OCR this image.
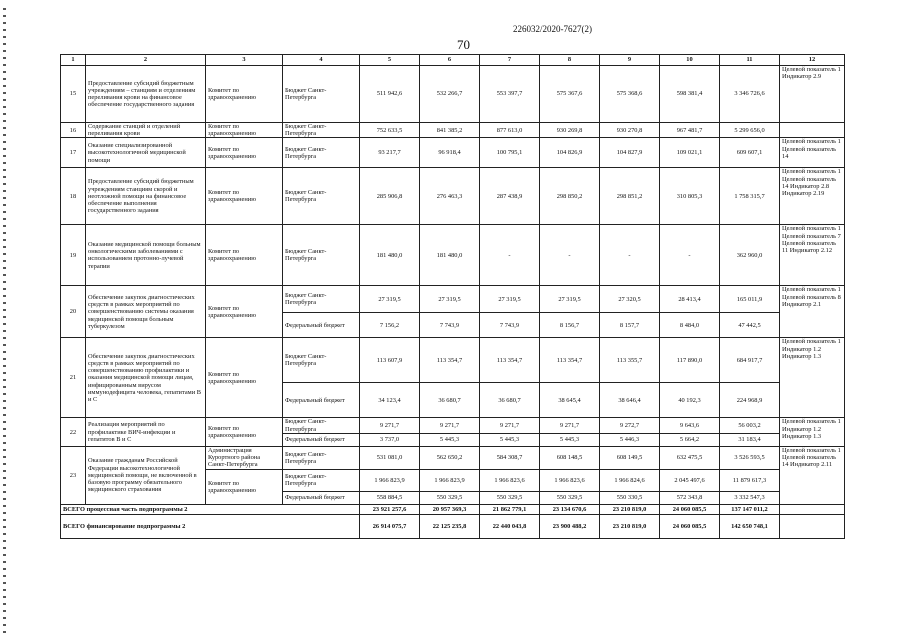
226032/2020-7627(2)
70
1	2	3	4	5	6	7	8	9	10	11	12
15	Предоставление субсидий бюджетным учреждениям – станциям и отделениям переливания крови на финансовое обеспечение государственного задания	Комитет по здравоохранению	Бюджет Санкт-Петербурга	511 942,6	532 266,7	553 397,7	575 367,6	575 368,6	598 381,4	3 346 726,6	Целевой показатель 1 Индикатор 2.9
16	Содержание станций и отделений переливания крови	Комитет по здравоохранению	Бюджет Санкт-Петербурга	752 633,5	841 385,2	877 613,0	930 269,8	930 270,8	967 481,7	5 299 656,0	
17	Оказание специализированной высокотехнологичной медицинской помощи	Комитет по здравоохранению	Бюджет Санкт-Петербурга	93 217,7	96 918,4	100 795,1	104 826,9	104 827,9	109 021,1	609 607,1	Целевой показатель 1 Целевой показатель 14
18	Предоставление субсидий бюджетным учреждениям станциям скорой и неотложной помощи на финансовое обеспечение выполнения государственного задания	Комитет по здравоохранению	Бюджет Санкт-Петербурга	285 906,8	276 463,3	287 438,9	298 850,2	298 851,2	310 805,3	1 758 315,7	Целевой показатель 1 Целевой показатель 14 Индикатор 2.8 Индикатор 2.19
19	Оказание медицинской помощи больным онкологическими заболеваниями с использованием протонно-лучевой терапии	Комитет по здравоохранению	Бюджет Санкт-Петербурга	181 480,0	181 480,0	-	-	-	-	362 960,0	Целевой показатель 1 Целевой показатель 7 Целевой показатель 11 Индикатор 2.12
20	Обеспечение закупок диагностических средств в рамках мероприятий по совершенствованию системы оказания медицинской помощи больным туберкулезом	Комитет по здравоохранению	Бюджет Санкт-Петербурга	27 319,5	27 319,5	27 319,5	27 319,5	27 320,5	28 413,4	165 011,9	Целевой показатель 1 Целевой показатель 8 Индикатор 2.1
			Федеральный бюджет	7 156,2	7 743,9	7 743,9	8 156,7	8 157,7	8 484,0	47 442,5	
21	Обеспечение закупок диагностических средств в рамках мероприятий по совершенствованию профилактики и оказания медицинской помощи лицам, инфицированным вирусом иммунодефицита человека, гепатитами В и С	Комитет по здравоохранению	Бюджет Санкт-Петербурга	113 607,9	113 354,7	113 354,7	113 354,7	113 355,7	117 890,0	684 917,7	Целевой показатель 1 Индикатор 1.2 Индикатор 1.3
			Федеральный бюджет	34 123,4	36 680,7	36 680,7	38 645,4	38 646,4	40 192,3	224 968,9	
22	Реализация мероприятий по профилактике ВИЧ-инфекции и гепатитов В и С	Комитет по здравоохранению	Бюджет Санкт-Петербурга	9 271,7	9 271,7	9 271,7	9 271,7	9 272,7	9 643,6	56 003,2	Целевой показатель 1 Индикатор 1.2 Индикатор 1.3
			Федеральный бюджет	3 737,0	5 445,3	5 445,3	5 445,3	5 446,3	5 664,2	31 183,4	
23	Оказание гражданам Российской Федерации высокотехнологичной медицинской помощи, не включенной в базовую программу обязательного медицинского страхования	Администрация Курортного района Санкт-Петербурга	Бюджет Санкт-Петербурга	531 081,0	562 650,2	584 308,7	608 148,5	608 149,5	632 475,5	3 526 593,5	Целевой показатель 1 Целевой показатель 14 Индикатор 2.11
		Комитет по здравоохранению	Бюджет Санкт-Петербурга	1 966 823,9	1 966 823,9	1 966 823,6	1 966 823,6	1 966 824,6	2 045 497,6	11 879 617,3	
			Федеральный бюджет	558 884,5	550 329,5	550 329,5	550 329,5	550 330,5	572 343,8	3 332 547,3	
ВСЕГО процессная часть подпрограммы 2				23 921 257,6	20 957 369,3	21 862 779,1	23 134 670,6	23 210 819,0	24 060 085,5	137 147 011,2	
ВСЕГО финансирование подпрограммы 2				26 914 075,7	22 125 235,8	22 440 043,8	23 900 488,2	23 210 819,0	24 060 085,5	142 650 748,1	
